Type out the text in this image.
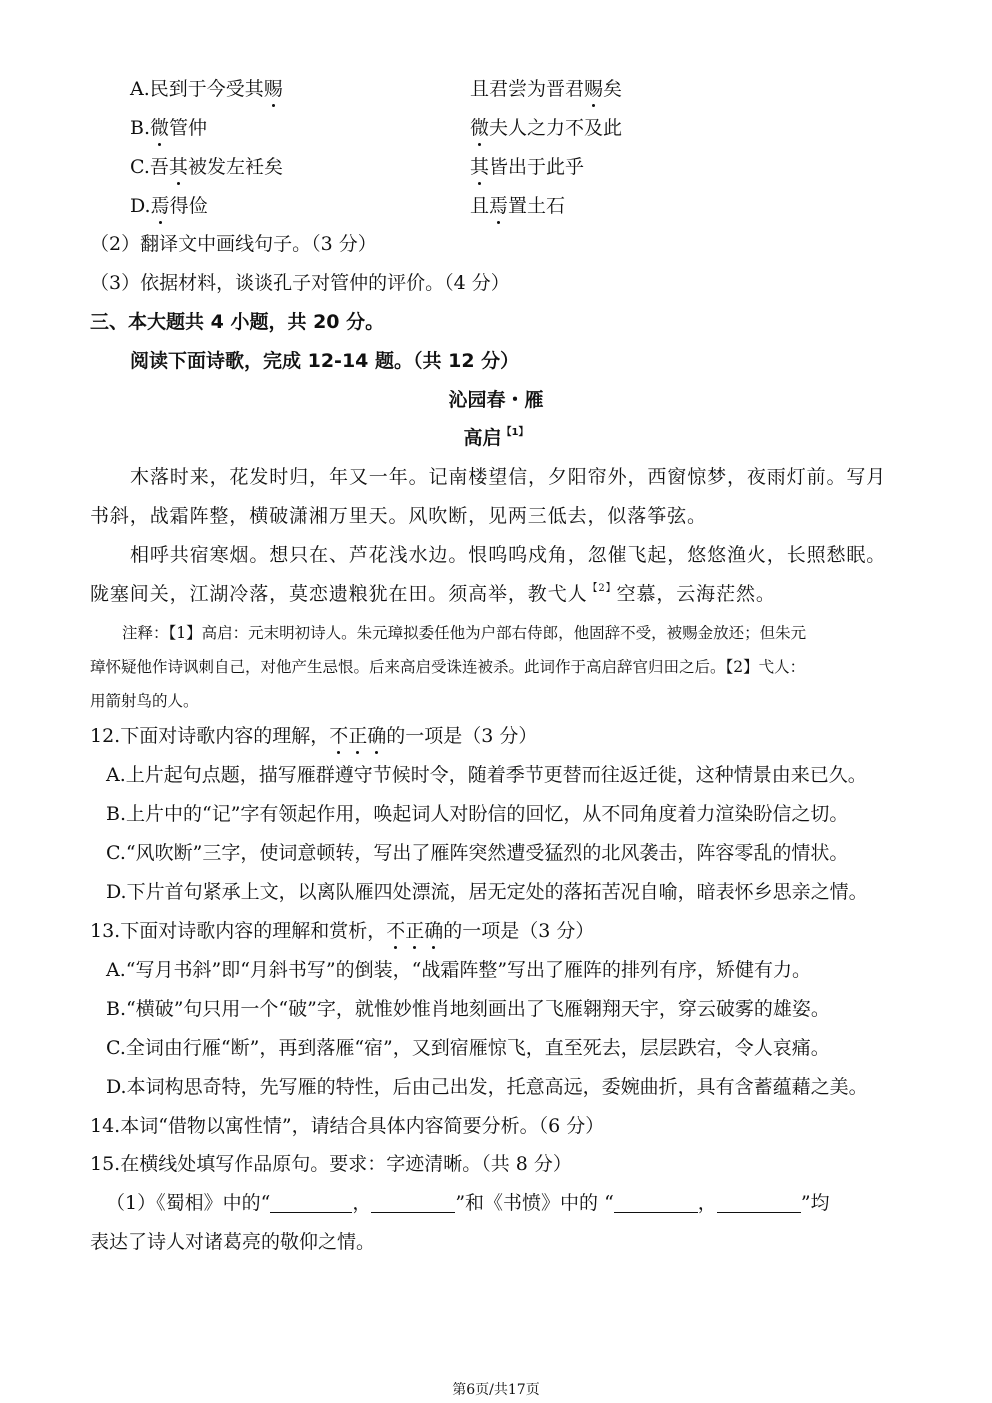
A.民到于今受其赐	且君尝为晋君赐矣
B.微管仲	微夫人之力不及此
C.吾其被发左衽矣	其皆出于此乎
D.焉得俭	且焉置土石
（2）翻译文中画线句子。（3 分）
（3）依据材料，谈谈孔子对管仲的评价。（4 分）
三、本大题共 4 小题，共 20 分。
阅读下面诗歌，完成 12-14 题。（共 12 分）
沁园春・雁
高启$^{【1】}$
木落时来，花发时归，年又一年。记南楼望信，夕阳帘外，西窗惊梦，夜雨灯前。写月
书斜，战霜阵整，横破潇湘万里天。风吹断，见两三低去，似落筝弦。
相呼共宿寒烟。想只在、芦花浅水边。恨呜呜戍角，忽催飞起，悠悠渔火，长照愁眠。
陇塞间关，江湖冷落，莫恋遗粮犹在田。须高举，教弋人$^{【2】}$空慕，云海茫然。
注释：【1】高启：元末明初诗人。朱元璋拟委任他为户部右侍郎，他固辞不受，被赐金放还；但朱元
璋怀疑他作诗讽刺自己，对他产生忌恨。后来高启受诛连被杀。此词作于高启辞官归田之后。【2】弋人：
用箭射鸟的人。
12.下面对诗歌内容的理解，不正确的一项是（3 分）
A.上片起句点题，描写雁群遵守节候时令，随着季节更替而往返迁徙，这种情景由来已久。
B.上片中的“记”字有领起作用，唤起词人对盼信的回忆，从不同角度着力渲染盼信之切。
C.“风吹断”三字，使词意顿转，写出了雁阵突然遭受猛烈的北风袭击，阵容零乱的情状。
D.下片首句紧承上文，以离队雁四处漂流，居无定处的落拓苦况自喻，暗表怀乡思亲之情。
13.下面对诗歌内容的理解和赏析，不正确的一项是（3 分）
A.“写月书斜”即“月斜书写”的倒装，“战霜阵整”写出了雁阵的排列有序，矫健有力。
B.“横破”句只用一个“破”字，就惟妙惟肖地刻画出了飞雁翱翔天宇，穿云破雾的雄姿。
C.全词由行雁“断”，再到落雁“宿”，又到宿雁惊飞，直至死去，层层跌宕，令人哀痛。
D.本词构思奇特，先写雁的特性，后由己出发，托意高远，委婉曲折，具有含蓄蕴藉之美。
14.本词“借物以寓性情”，请结合具体内容简要分析。（6 分）
15.在横线处填写作品原句。要求：字迹清晰。（共 8 分）
（1）《蜀相》中的“	，	”和《书愤》中的 “	，	”均
表达了诗人对诸葛亮的敬仰之情。
第6页/共17页
